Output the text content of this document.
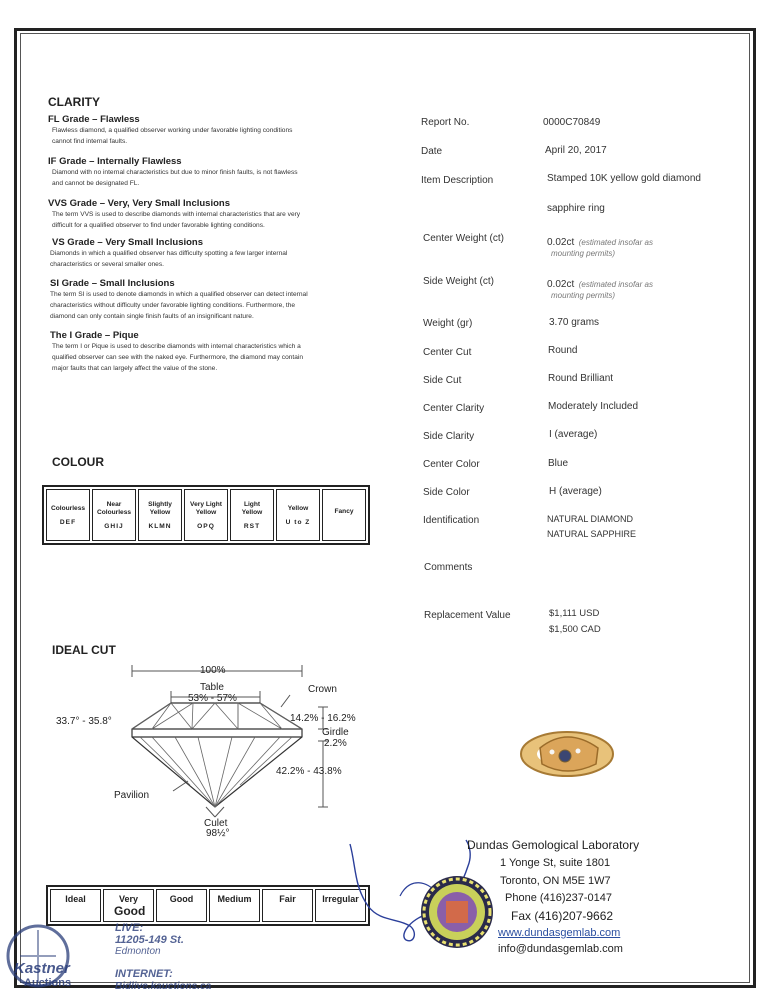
CLARITY
FL Grade – Flawless
Flawless diamond, a qualified observer working under favorable lighting conditions
cannot find internal faults.
IF Grade – Internally Flawless
Diamond with no internal characteristics but due to minor finish faults, is not flawless
and cannot be designated FL.
VVS Grade – Very, Very Small Inclusions
The term VVS is used to describe diamonds with internal characteristics that are very
difficult for a qualified observer to find under favorable lighting conditions.
VS Grade – Very Small Inclusions
Diamonds in which a qualified observer has difficulty spotting a few larger internal
characteristics or several smaller ones.
SI Grade – Small Inclusions
The term SI is used to denote diamonds in which a qualified observer can detect internal
characteristics without difficulty under favorable lighting conditions. Furthermore, the
diamond can only contain single finish faults of an insignificant nature.
The I Grade – Pique
The term I or Pique is used to describe diamonds with internal characteristics which a
qualified observer can see with the naked eye. Furthermore, the diamond may contain
major faults that can largely affect the value of the stone.
COLOUR
Colourless
DEF

Near Colourless
GHIJ

Slightly Yellow
KLMN

Very Light Yellow
OPQ

Light Yellow
RST

Yellow
U to Z

Fancy
IDEAL CUT
100%
Table
53% - 57%
Crown
33.7° - 35.8°	14.2% - 16.2%
Girdle
2.2%
42.2% - 43.8%
Pavilion
Culet
98½°
Ideal	Very	Good	Medium	Fair	Irregular
Good
Report No.	0000C70849
Date	April 20, 2017
Item Description	Stamped 10K yellow gold diamond
sapphire ring
Center Weight (ct)	0.02ct (estimated insofar as
mounting permits)
Side Weight (ct)	0.02ct (estimated insofar as
mounting permits)
Weight (gr)	3.70 grams
Center Cut	Round
Side Cut	Round Brilliant
Center Clarity	Moderately Included
Side Clarity	I (average)
Center Color	Blue
Side Color	H (average)
Identification	NATURAL DIAMOND
NATURAL SAPPHIRE
Comments
Replacement Value	$1,111 USD
$1,500 CAD
Dundas Gemological Laboratory
1 Yonge St, suite 1801
Toronto, ON M5E 1W7
Phone (416)237-0147
Fax (416)207-9662
www.dundasgemlab.com
info@dundasgemlab.com
Kastner
Auctions
LIVE:
11205-149 St.
Edmonton
INTERNET:
Bidlive.kauctions.ca
